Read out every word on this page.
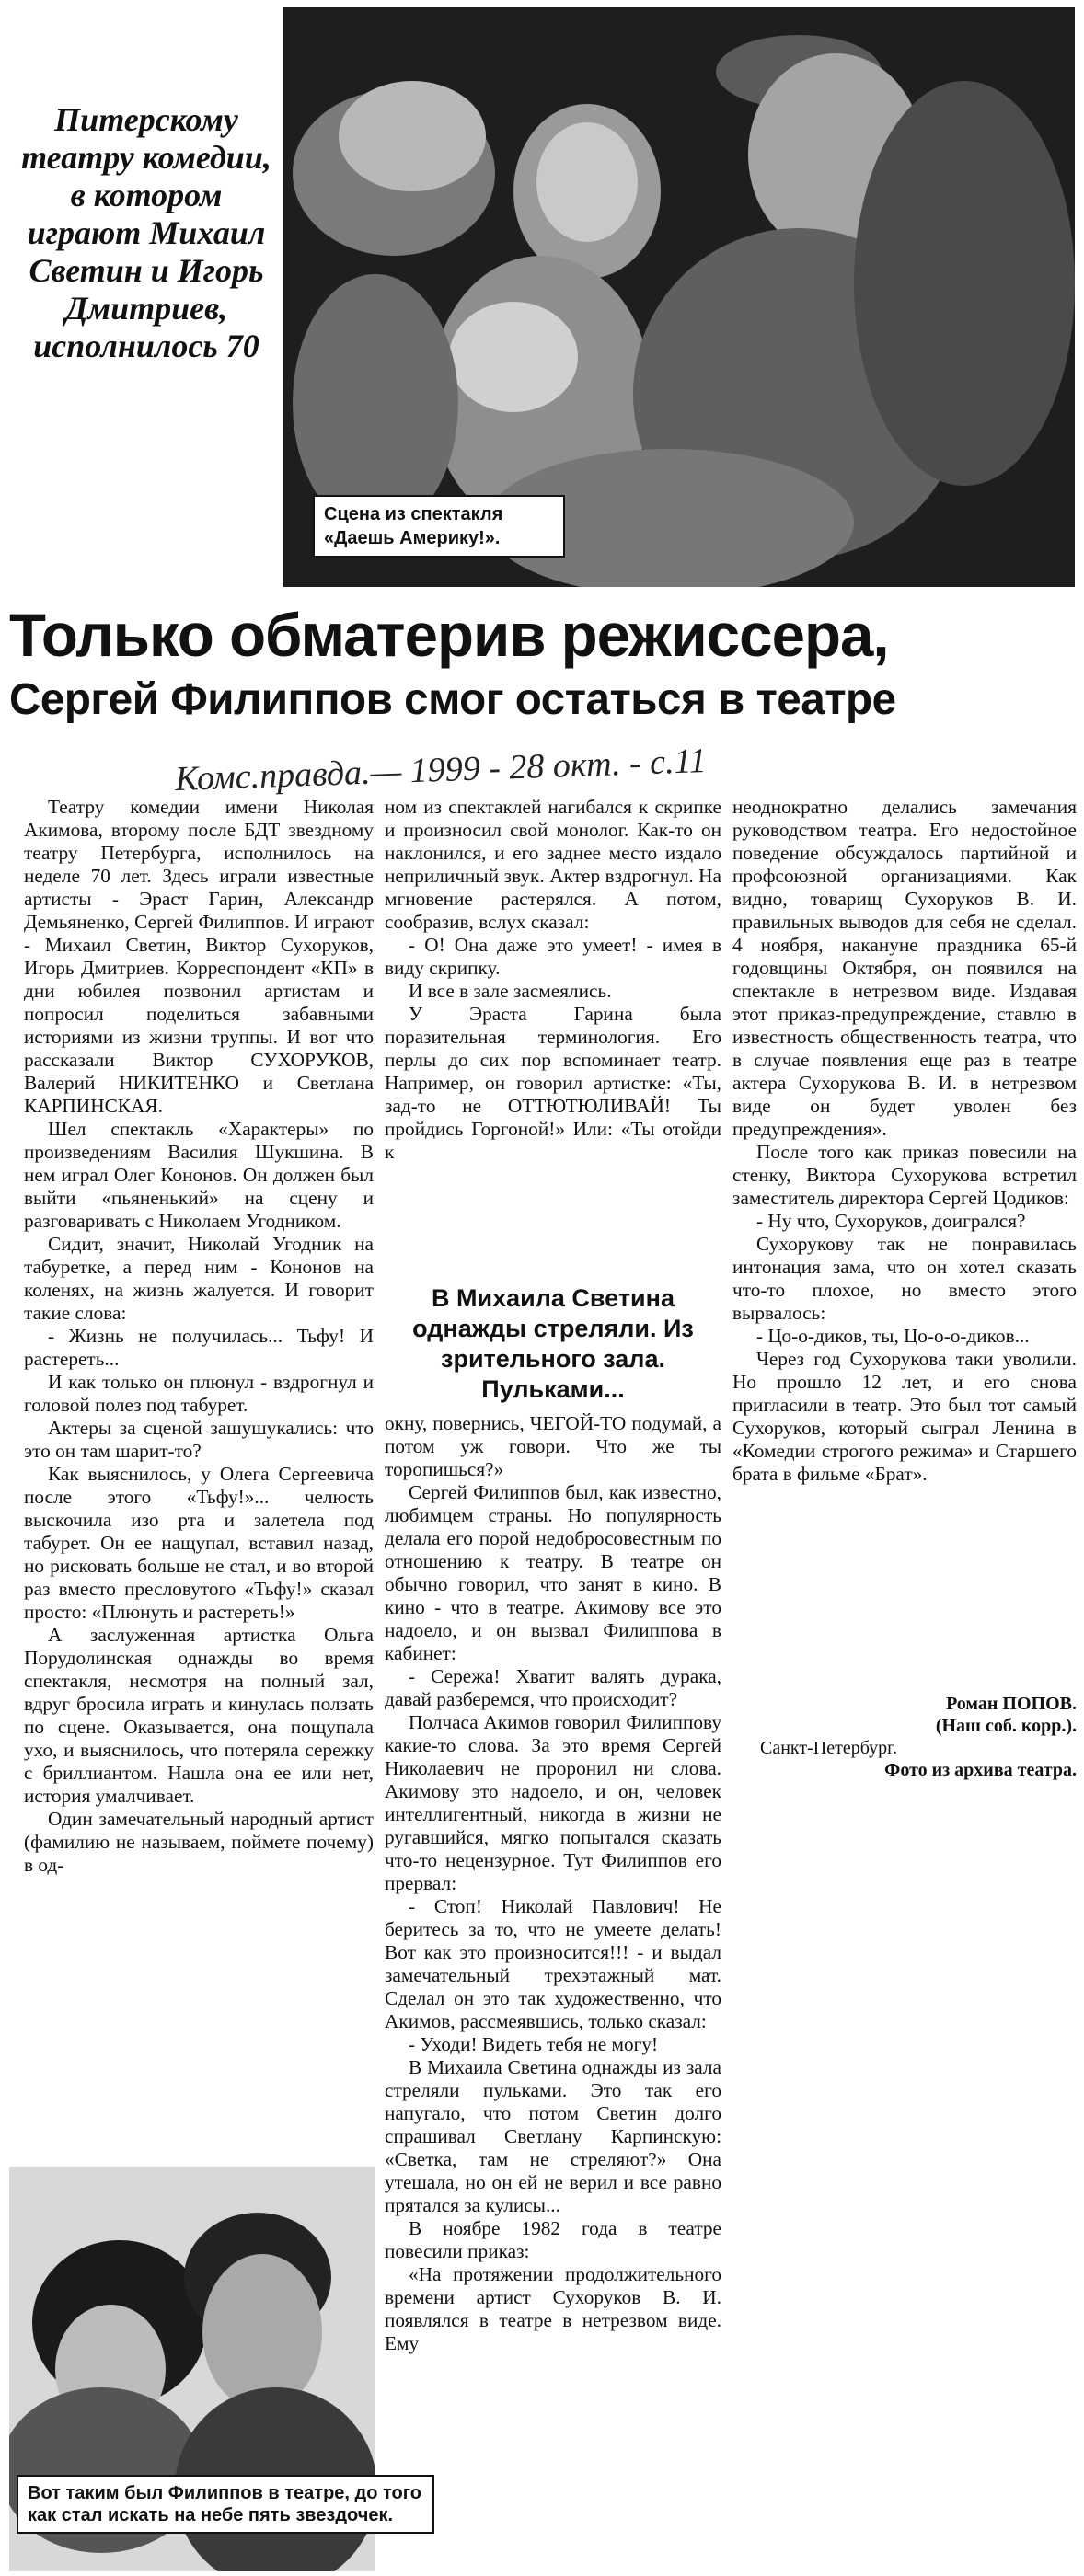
Питерскому театру комедии, в котором играют Михаил Светин и Игорь Дмитриев, исполнилось 70
Сцена из спектакля «Даешь Америку!».
Только обматерив режиссера,
Сергей Филиппов смог остаться в театре
Комс.правда.— 1999 - 28 окт. - с.11

Театру комедии имени Николая Акимова, второму после БДТ звездному театру Петербурга, исполнилось на неделе 70 лет. Здесь играли известные артисты - Эраст Гарин, Александр Демьяненко, Сергей Филиппов. И играют - Михаил Светин, Виктор Сухоруков, Игорь Дмитриев. Корреспондент «КП» в дни юбилея позвонил артистам и попросил поделиться забавными историями из жизни труппы. И вот что рассказали Виктор СУХОРУКОВ, Валерий НИКИТЕНКО и Светлана КАРПИНСКАЯ.

Шел спектакль «Характеры» по произведениям Василия Шукшина. В нем играл Олег Кононов. Он должен был выйти «пьяненький» на сцену и разговаривать с Николаем Угодником.

Сидит, значит, Николай Угодник на табуретке, а перед ним - Кононов на коленях, на жизнь жалуется. И говорит такие слова:

- Жизнь не получилась... Тьфу! И растереть...

И как только он плюнул - вздрогнул и головой полез под табурет.

Актеры за сценой зашушукались: что это он там шарит-то?

Как выяснилось, у Олега Сергеевича после этого «Тьфу!»... челюсть выскочила изо рта и залетела под табурет. Он ее нащупал, вставил назад, но рисковать больше не стал, и во второй раз вместо пресловутого «Тьфу!» сказал просто: «Плюнуть и растереть!»

А заслуженная артистка Ольга Порудолинская однажды во время спектакля, несмотря на полный зал, вдруг бросила играть и кинулась ползать по сцене. Оказывается, она пощупала ухо, и выяснилось, что потеряла сережку с бриллиантом. Нашла она ее или нет, история умалчивает.

Один замечательный народный артист (фамилию не называем, поймете почему) в од-

ном из спектаклей нагибался к скрипке и произносил свой монолог. Как-то он наклонился, и его заднее место издало неприличный звук. Актер вздрогнул. На мгновение растерялся. А потом, сообразив, вслух сказал:

- О! Она даже это умеет! - имея в виду скрипку.

И все в зале засмеялись.

У Эраста Гарина была поразительная терминология. Его перлы до сих пор вспоминает театр. Например, он говорил артистке: «Ты, зад-то не ОТТЮТЮЛИВАЙ! Ты пройдись Горгоной!» Или: «Ты отойди к

В Михаила Светина однажды стреляли. Из зрительного зала. Пульками...

окну, повернись, ЧЕГОЙ-ТО подумай, а потом уж говори. Что же ты торопишься?»

Сергей Филиппов был, как известно, любимцем страны. Но популярность делала его порой недобросовестным по отношению к театру. В театре он обычно говорил, что занят в кино. В кино - что в театре. Акимову все это надоело, и он вызвал Филиппова в кабинет:

- Сережа! Хватит валять дурака, давай разберемся, что происходит?

Полчаса Акимов говорил Филиппову какие-то слова. За это время Сергей Николаевич не проронил ни слова. Акимову это надоело, и он, человек интеллигентный, никогда в жизни не ругавшийся, мягко попытался сказать что-то нецензурное. Тут Филиппов его прервал:

- Стоп! Николай Павлович! Не беритесь за то, что не умеете делать! Вот как это произносится!!! - и выдал замечательный трехэтажный мат. Сделал он это так художественно, что Акимов, рассмеявшись, только сказал:

- Уходи! Видеть тебя не могу!

В Михаила Светина однажды из зала стреляли пульками. Это так его напугало, что потом Светин долго спрашивал Светлану Карпинскую: «Светка, там не стреляют?» Она утешала, но он ей не верил и все равно прятался за кулисы...

В ноябре 1982 года в театре повесили приказ:

«На протяжении продолжительного времени артист Сухоруков В. И. появлялся в театре в нетрезвом виде. Ему

неоднократно делались замечания руководством театра. Его недостойное поведение обсуждалось партийной и профсоюзной организациями. Как видно, товарищ Сухоруков В. И. правильных выводов для себя не сделал. 4 ноября, накануне праздника 65-й годовщины Октября, он появился на спектакле в нетрезвом виде. Издавая этот приказ-предупреждение, ставлю в известность общественность театра, что в случае появления еще раз в театре актера Сухорукова В. И. в нетрезвом виде он будет уволен без предупреждения».

После того как приказ повесили на стенку, Виктора Сухорукова встретил заместитель директора Сергей Цодиков:

- Ну что, Сухоруков, доигрался?

Сухорукову так не понравилась интонация зама, что он хотел сказать что-то плохое, но вместо этого вырвалось:

- Цо-о-диков, ты, Цо-о-о-диков...

Через год Сухорукова таки уволили. Но прошло 12 лет, и его снова пригласили в театр. Это был тот самый Сухоруков, который сыграл Ленина в «Комедии строгого режима» и Старшего брата в фильме «Брат».

Роман ПОПОВ.
(Наш соб. корр.).
Санкт-Петербург.
Фото из архива театра.
Вот таким был Филиппов в театре, до того как стал искать на небе пять звездочек.
